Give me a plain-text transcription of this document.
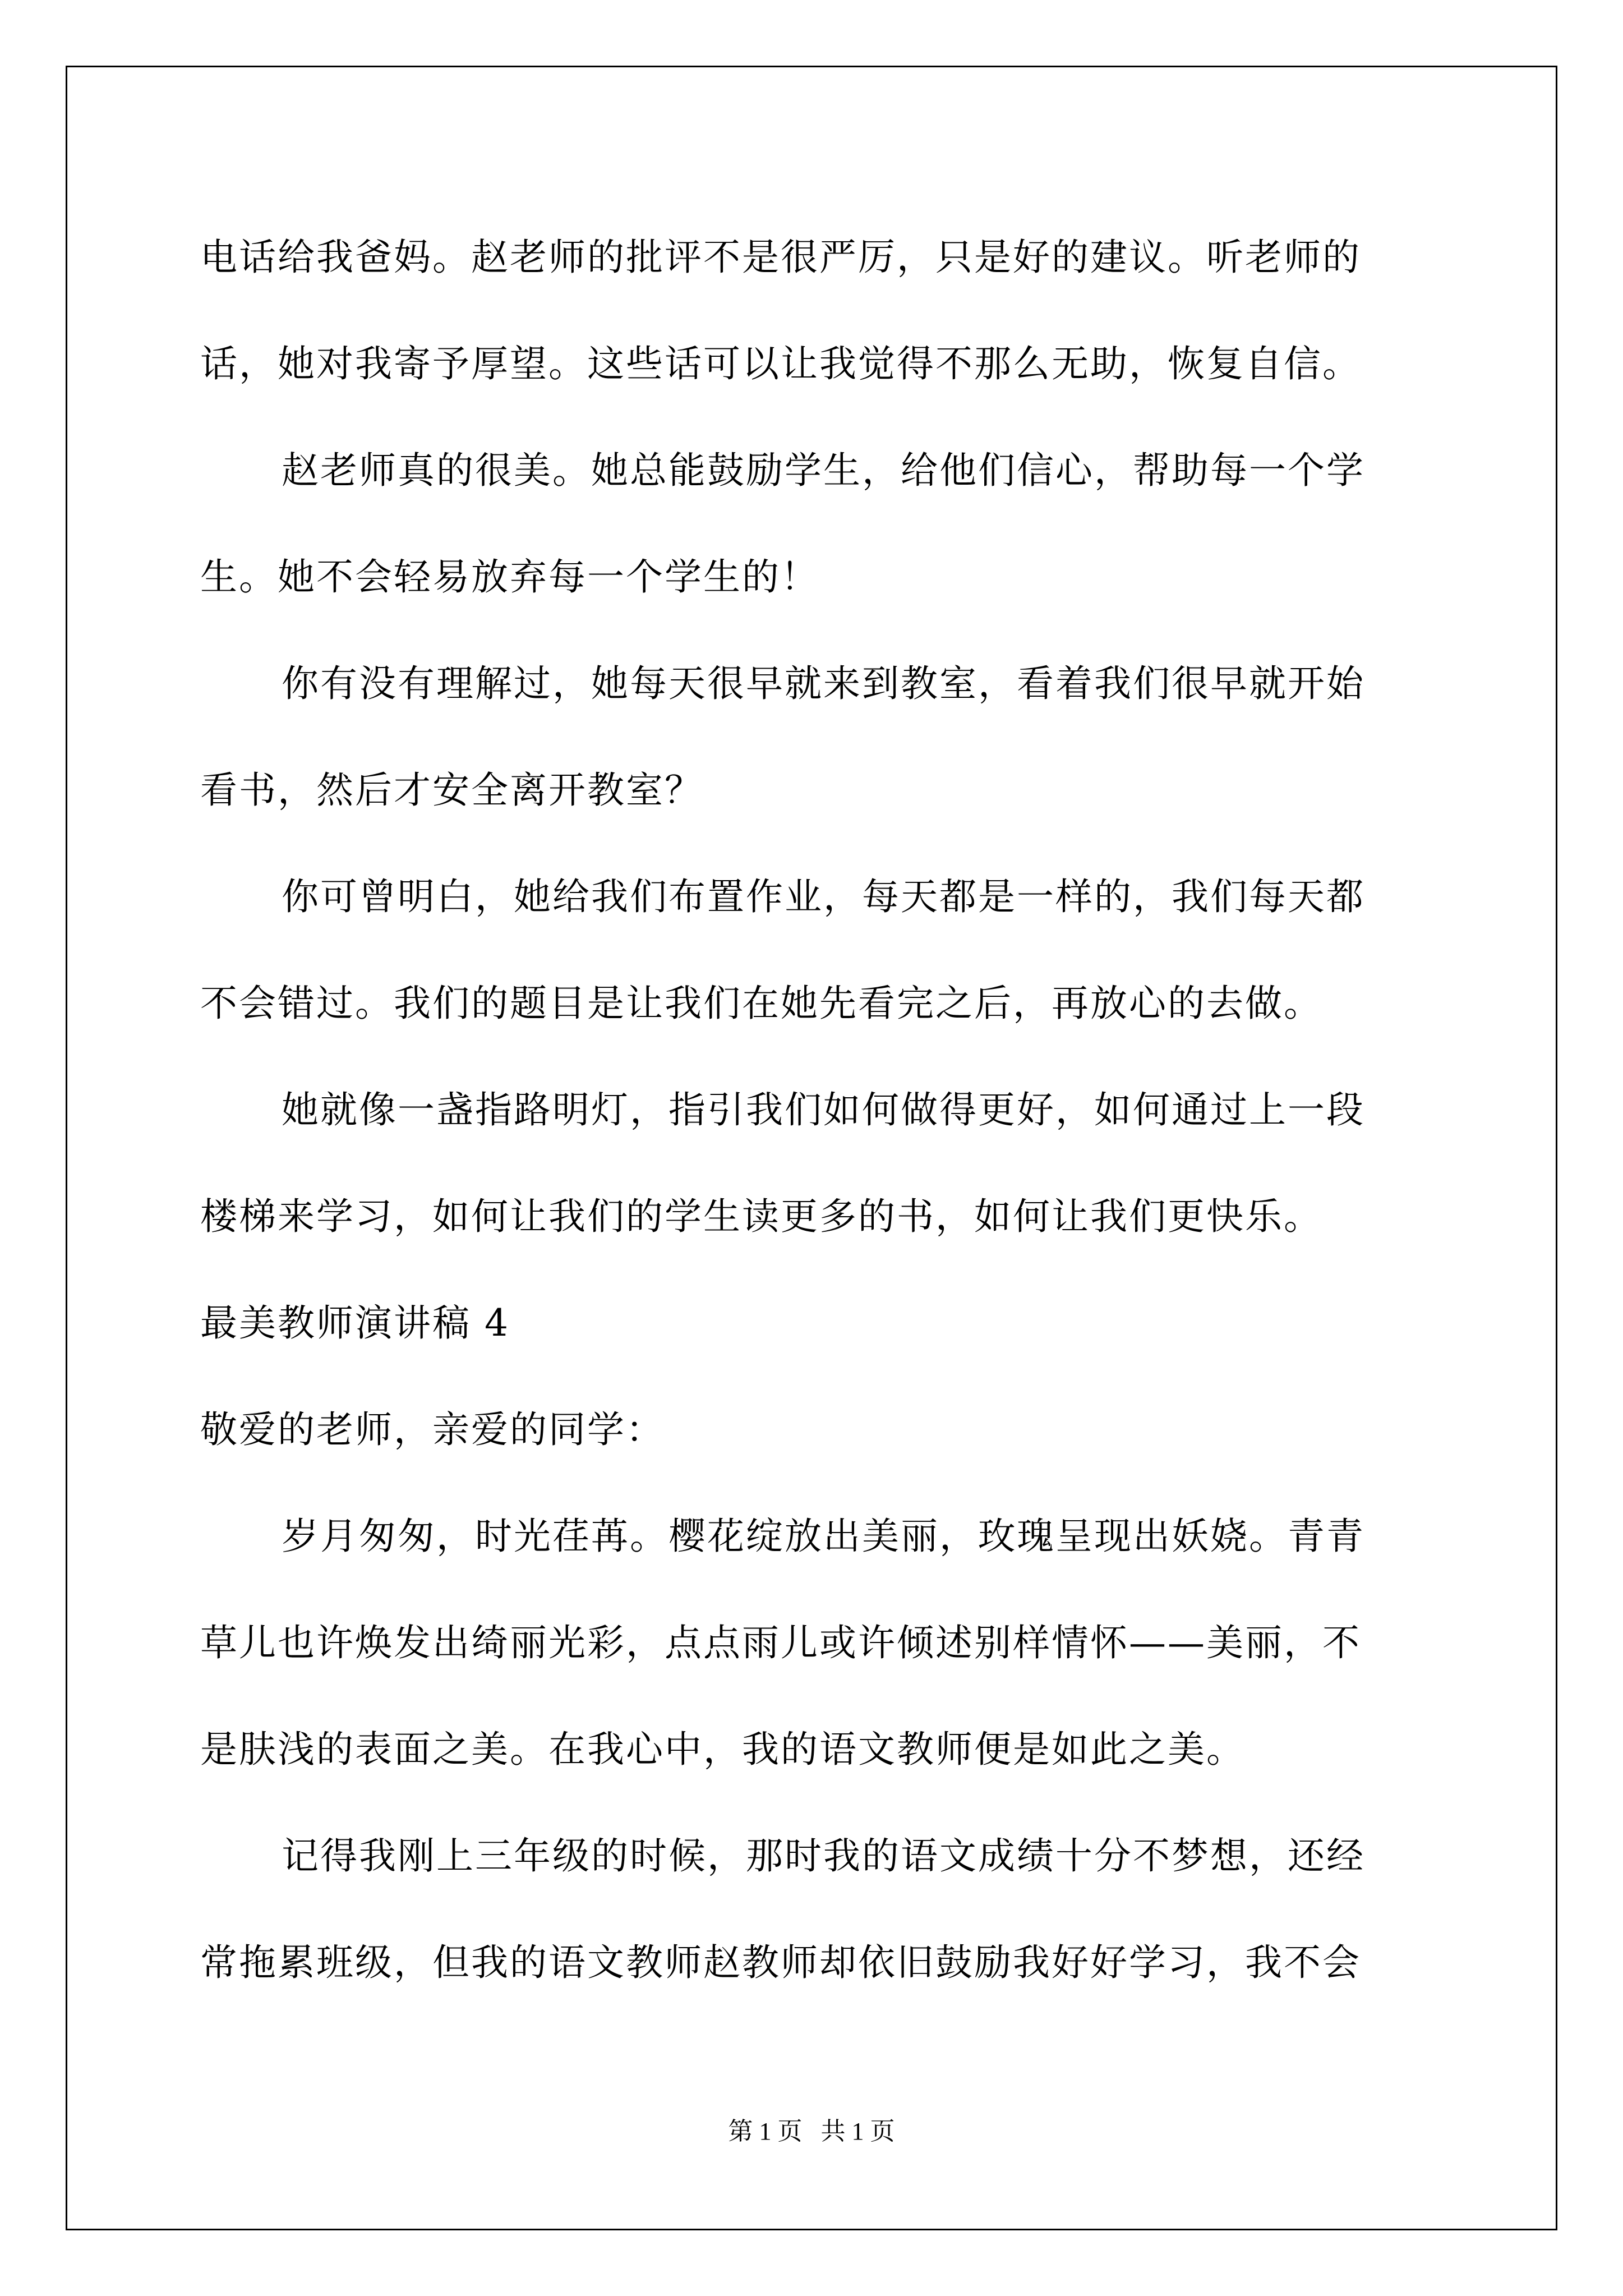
电话给我爸妈。赵老师的批评不是很严厉，只是好的建议。听老师的
话，她对我寄予厚望。这些话可以让我觉得不那么无助，恢复自信。
赵老师真的很美。她总能鼓励学生，给他们信心，帮助每一个学
生。她不会轻易放弃每一个学生的！
你有没有理解过，她每天很早就来到教室，看着我们很早就开始
看书，然后才安全离开教室？
你可曾明白，她给我们布置作业，每天都是一样的，我们每天都
不会错过。我们的题目是让我们在她先看完之后，再放心的去做。
她就像一盏指路明灯，指引我们如何做得更好，如何通过上一段
楼梯来学习，如何让我们的学生读更多的书，如何让我们更快乐。
最美教师演讲稿 4
敬爱的老师，亲爱的同学：
岁月匆匆，时光荏苒。樱花绽放出美丽，玫瑰呈现出妖娆。青青
草儿也许焕发出绮丽光彩，点点雨儿或许倾述别样情怀——美丽，不
是肤浅的表面之美。在我心中，我的语文教师便是如此之美。
记得我刚上三年级的时候，那时我的语文成绩十分不梦想，还经
常拖累班级，但我的语文教师赵教师却依旧鼓励我好好学习，我不会
第 1 页   共 1 页
